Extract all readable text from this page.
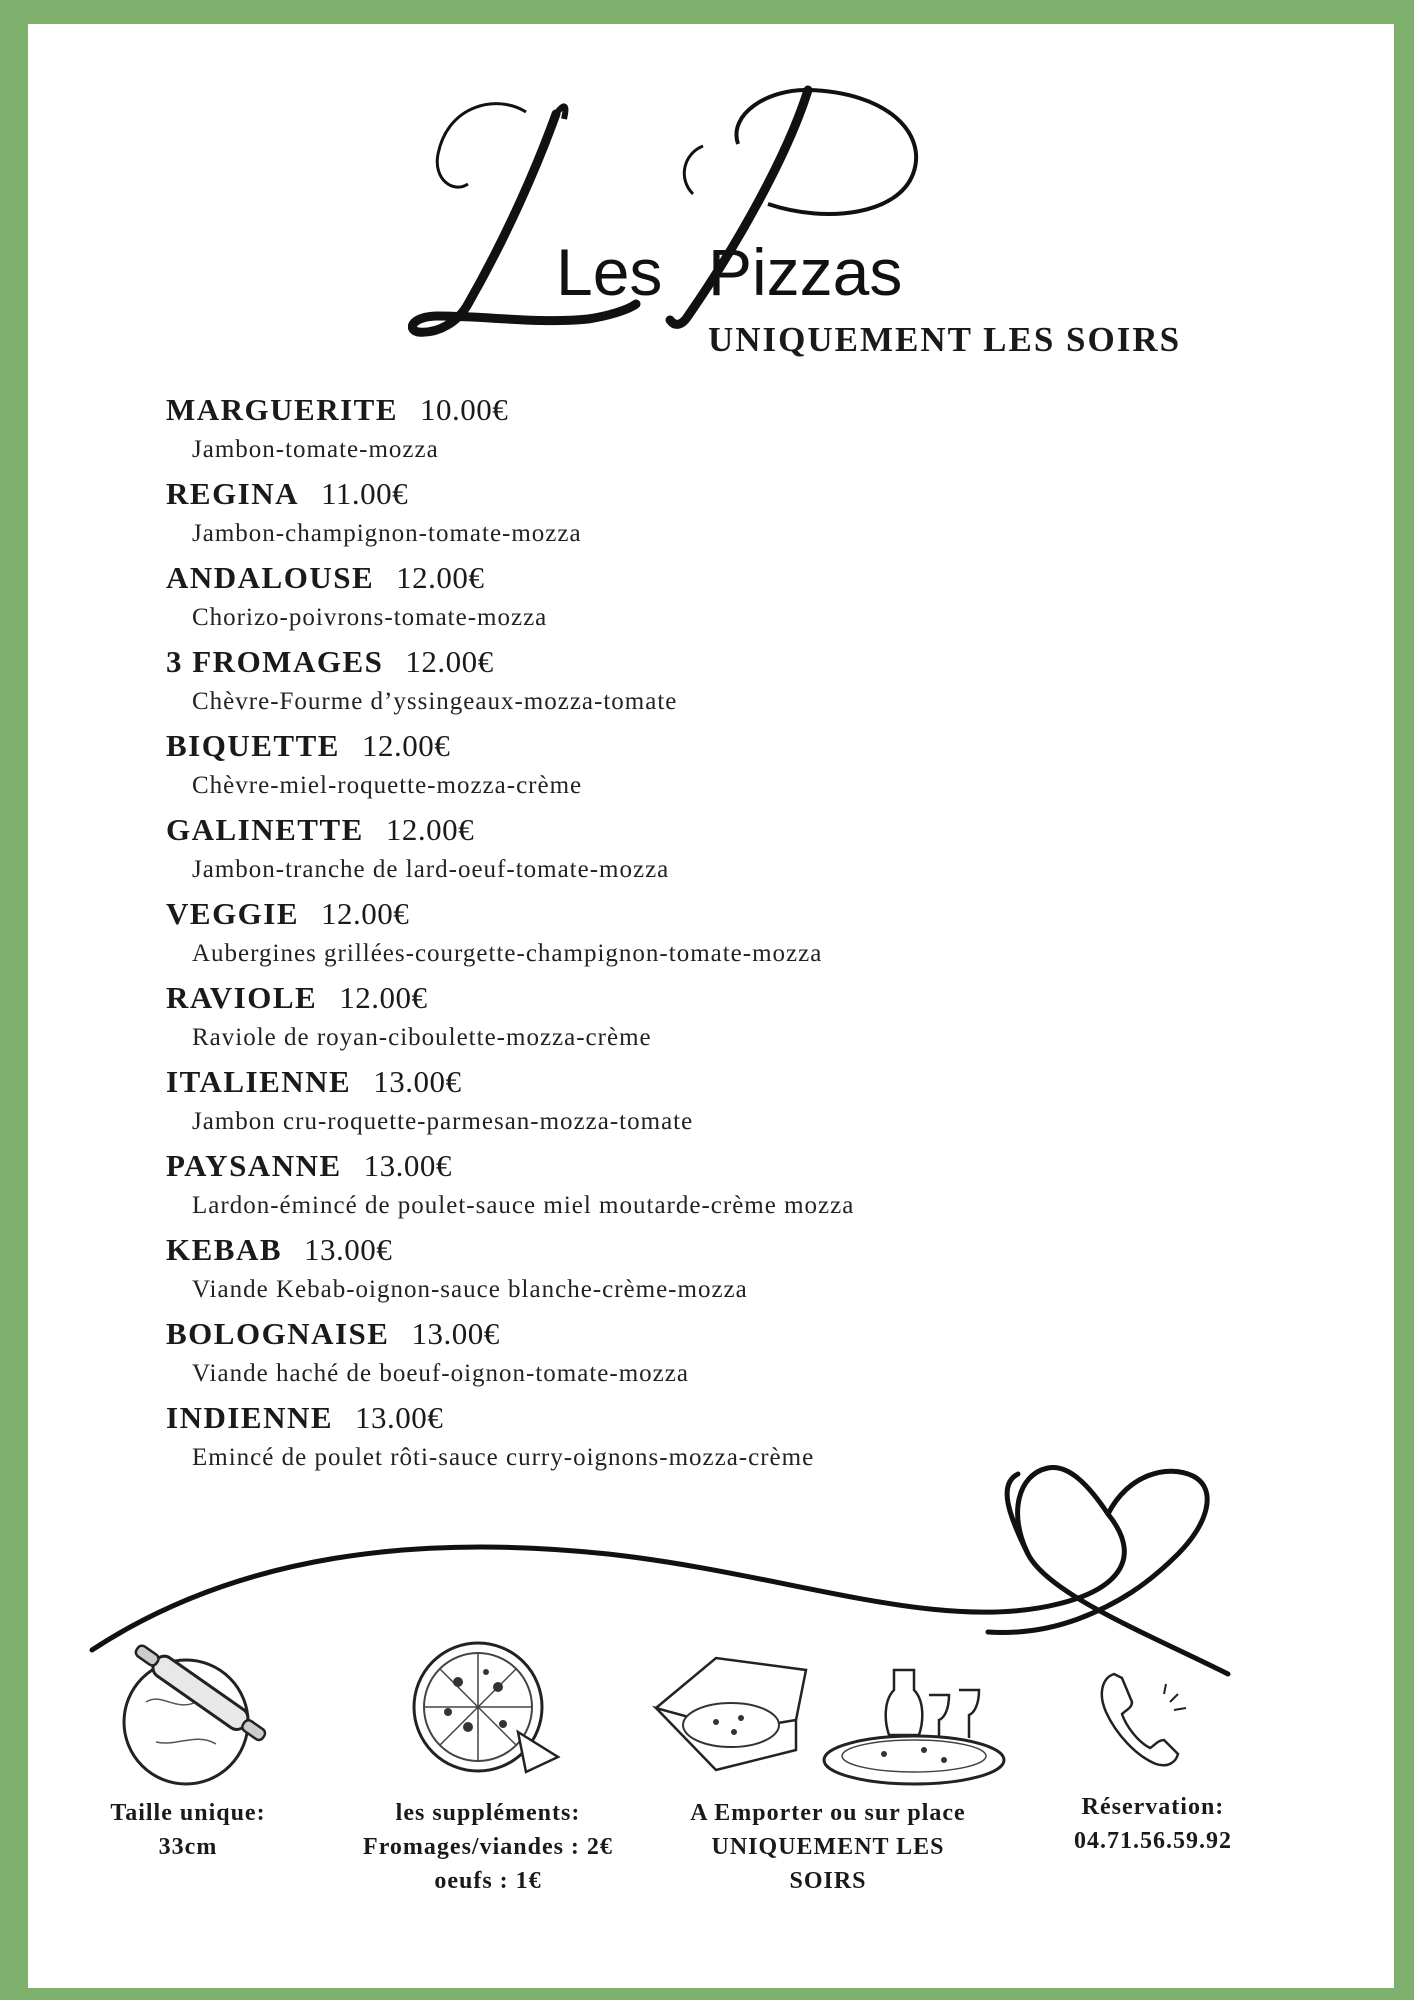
Les Pizzas
UNIQUEMENT LES SOIRS
MARGUERITE 10.00€
Jambon-tomate-mozza
REGINA 11.00€
Jambon-champignon-tomate-mozza
ANDALOUSE 12.00€
Chorizo-poivrons-tomate-mozza
3 FROMAGES 12.00€
Chèvre-Fourme d’yssingeaux-mozza-tomate
BIQUETTE 12.00€
Chèvre-miel-roquette-mozza-crème
GALINETTE 12.00€
Jambon-tranche de lard-oeuf-tomate-mozza
VEGGIE 12.00€
Aubergines grillées-courgette-champignon-tomate-mozza
RAVIOLE 12.00€
Raviole de royan-ciboulette-mozza-crème
ITALIENNE 13.00€
Jambon cru-roquette-parmesan-mozza-tomate
PAYSANNE 13.00€
Lardon-émincé de poulet-sauce miel moutarde-crème mozza
KEBAB 13.00€
Viande Kebab-oignon-sauce blanche-crème-mozza
BOLOGNAISE 13.00€
Viande haché de boeuf-oignon-tomate-mozza
INDIENNE 13.00€
Emincé de poulet rôti-sauce curry-oignons-mozza-crème
Taille unique:
33cm
les suppléments:
Fromages/viandes : 2€
oeufs : 1€
A Emporter ou sur place
UNIQUEMENT LES
SOIRS
Réservation:
04.71.56.59.92
